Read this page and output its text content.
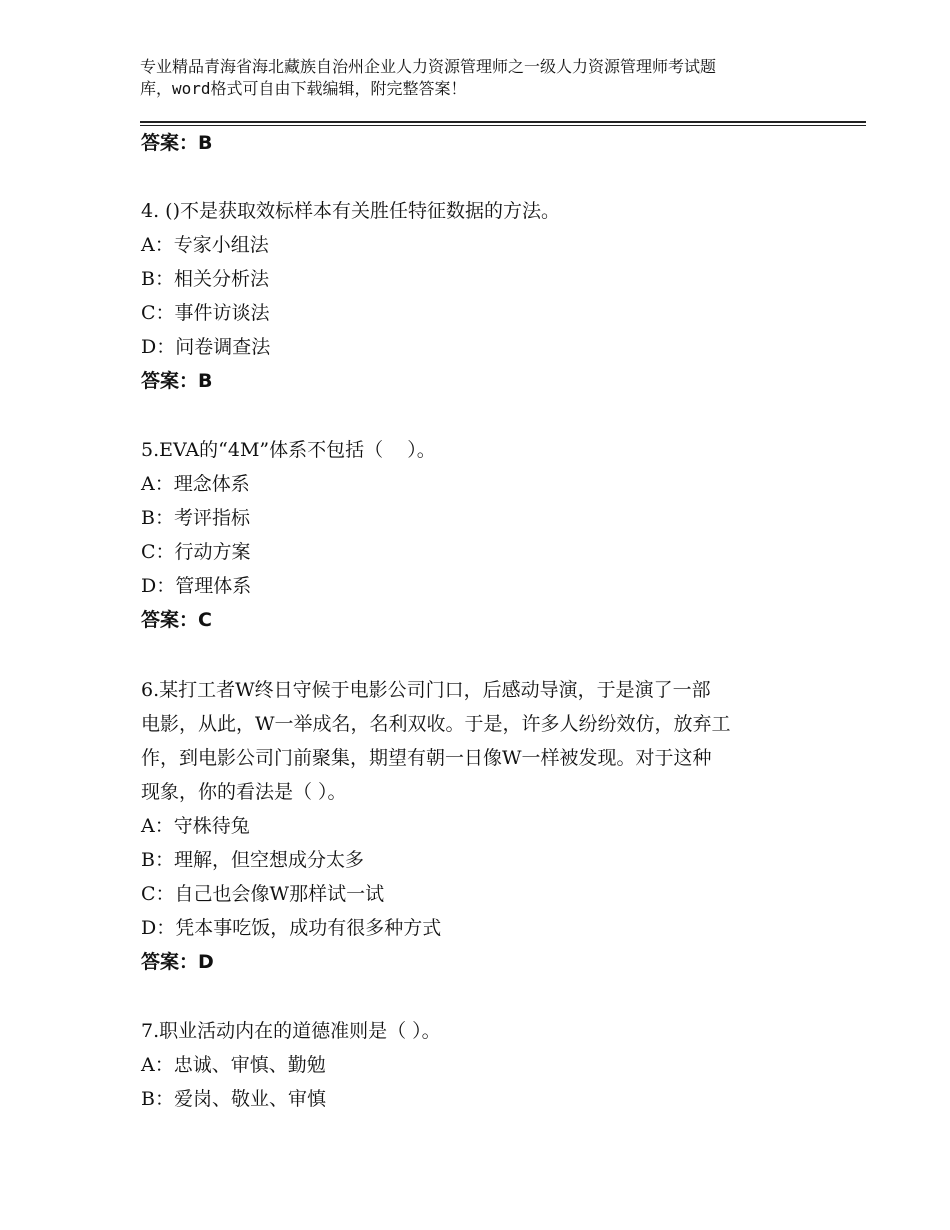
专业精品青海省海北藏族自治州企业人力资源管理师之一级人力资源管理师考试题
库，word格式可自由下载编辑，附完整答案！
答案：B
4. ()不是获取效标样本有关胜任特征数据的方法。
A：专家小组法
B：相关分析法
C：事件访谈法
D：问卷调查法
答案：B
5.EVA的“4M”体系不包括（    ）。
A：理念体系
B：考评指标
C：行动方案
D：管理体系
答案：C
6.某打工者W终日守候于电影公司门口，后感动导演，于是演了一部
电影，从此，W一举成名，名利双收。于是，许多人纷纷效仿，放弃工
作，到电影公司门前聚集，期望有朝一日像W一样被发现。对于这种
现象，你的看法是（ ）。
A：守株待兔
B：理解，但空想成分太多
C：自己也会像W那样试一试
D：凭本事吃饭，成功有很多种方式
答案：D
7.职业活动内在的道德准则是（ ）。
A：忠诚、审慎、勤勉
B：爱岗、敬业、审慎
